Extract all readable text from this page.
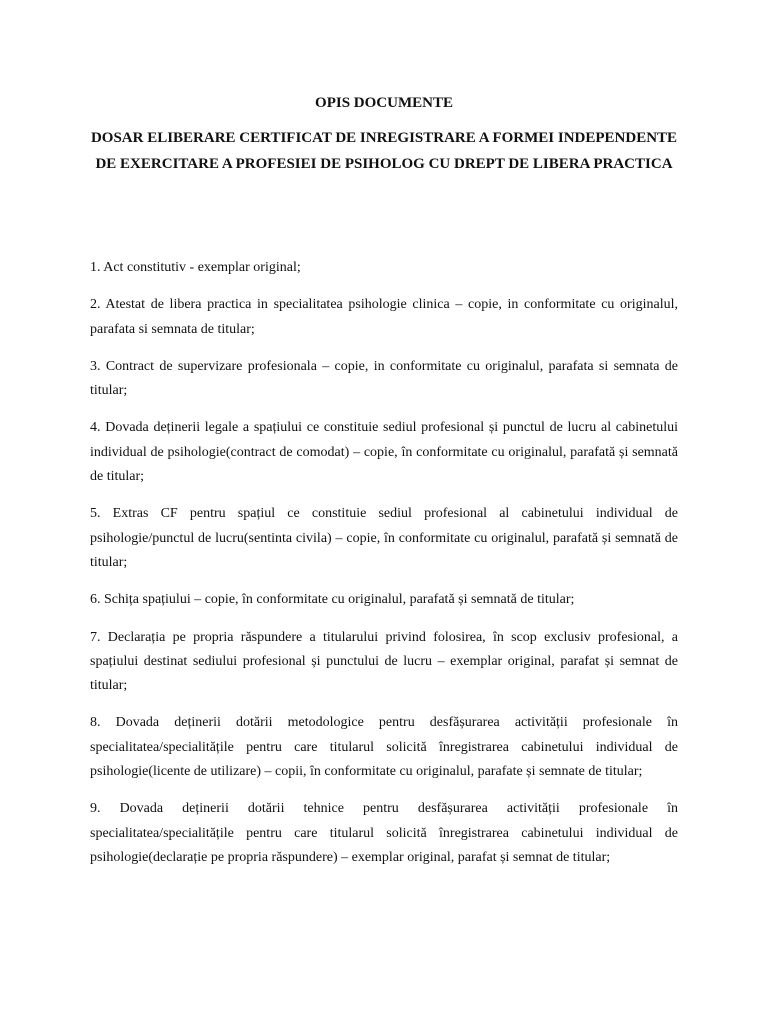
OPIS DOCUMENTE
DOSAR ELIBERARE CERTIFICAT DE INREGISTRARE A FORMEI INDEPENDENTE DE EXERCITARE A PROFESIEI DE PSIHOLOG CU DREPT DE LIBERA PRACTICA
1. Act constitutiv - exemplar original;
2. Atestat de libera practica in specialitatea psihologie clinica – copie, in conformitate cu originalul, parafata si semnata de titular;
3. Contract de supervizare profesionala – copie, in conformitate cu originalul, parafata si semnata de titular;
4. Dovada deținerii legale a spațiului ce constituie sediul profesional și punctul de lucru al cabinetului individual de psihologie(contract de comodat) – copie, în conformitate cu originalul, parafată și semnată de titular;
5. Extras CF pentru spațiul ce constituie sediul profesional al cabinetului individual de psihologie/punctul de lucru(sentinta civila) – copie, în conformitate cu originalul, parafată și semnată de titular;
6. Schița spațiului – copie, în conformitate cu originalul, parafată și semnată de titular;
7. Declarația pe propria răspundere a titularului privind folosirea, în scop exclusiv profesional, a spațiului destinat sediului profesional și punctului de lucru – exemplar original, parafat și semnat de titular;
8. Dovada deținerii dotării metodologice pentru desfășurarea activității profesionale în specialitatea/specialitățile pentru care titularul solicită înregistrarea cabinetului individual de psihologie(licente de utilizare) – copii, în conformitate cu originalul, parafate și semnate de titular;
9. Dovada deținerii dotării tehnice pentru desfășurarea activității profesionale în specialitatea/specialitățile pentru care titularul solicită înregistrarea cabinetului individual de psihologie(declarație pe propria răspundere) – exemplar original, parafat și semnat de titular;
